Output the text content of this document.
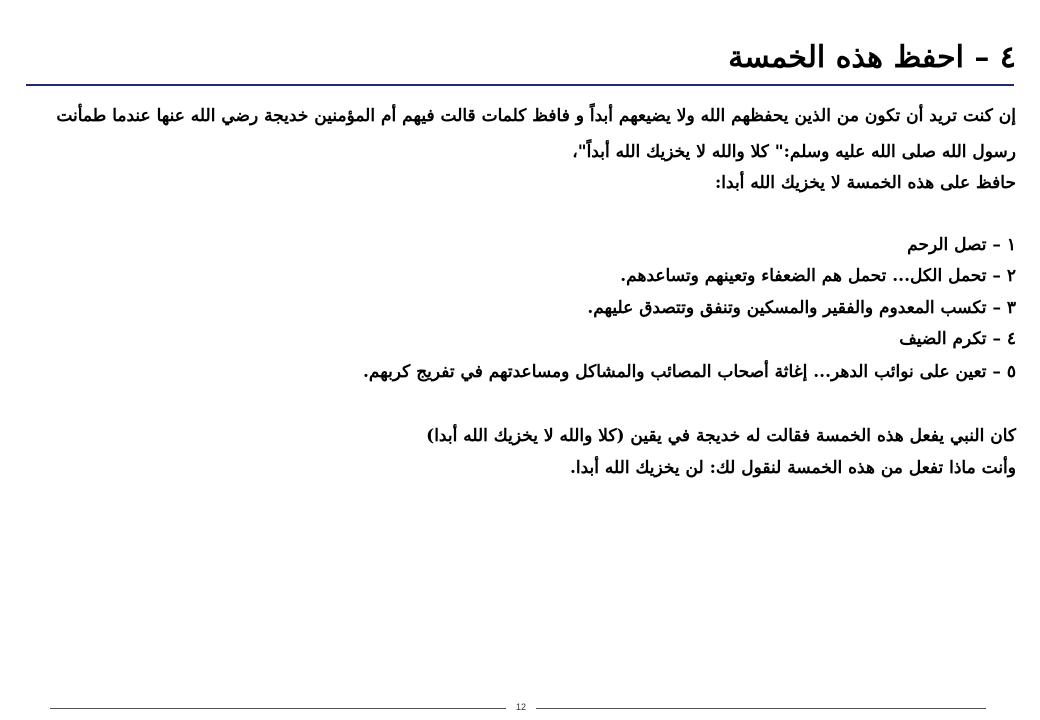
٤ – احفظ هذه الخمسة
إن كنت تريد أن تكون من الذين يحفظهم الله ولا يضيعهم أبداً و فافظ كلمات قالت فيهم أم المؤمنين خديجة رضي الله عنها عندما طمأنت
رسول الله صلى الله عليه وسلم:" كلا والله لا يخزيك الله أبداً"،
حافظ على هذه الخمسة لا يخزيك الله أبدا:
١ – تصل الرحم
٢ – تحمل الكل... تحمل هم الضعفاء وتعينهم وتساعدهم.
٣ – تكسب المعدوم والفقير والمسكين وتنفق وتتصدق عليهم.
٤ – تكرم الضيف
٥ – تعين على نوائب الدهر... إغاثة أصحاب المصائب والمشاكل ومساعدتهم في تفريج كربهم.
كان النبي يفعل هذه الخمسة فقالت له خديجة في يقين (كلا والله لا يخزيك الله أبدا)
وأنت ماذا تفعل من هذه الخمسة لنقول لك: لن يخزيك الله أبدا.
12
